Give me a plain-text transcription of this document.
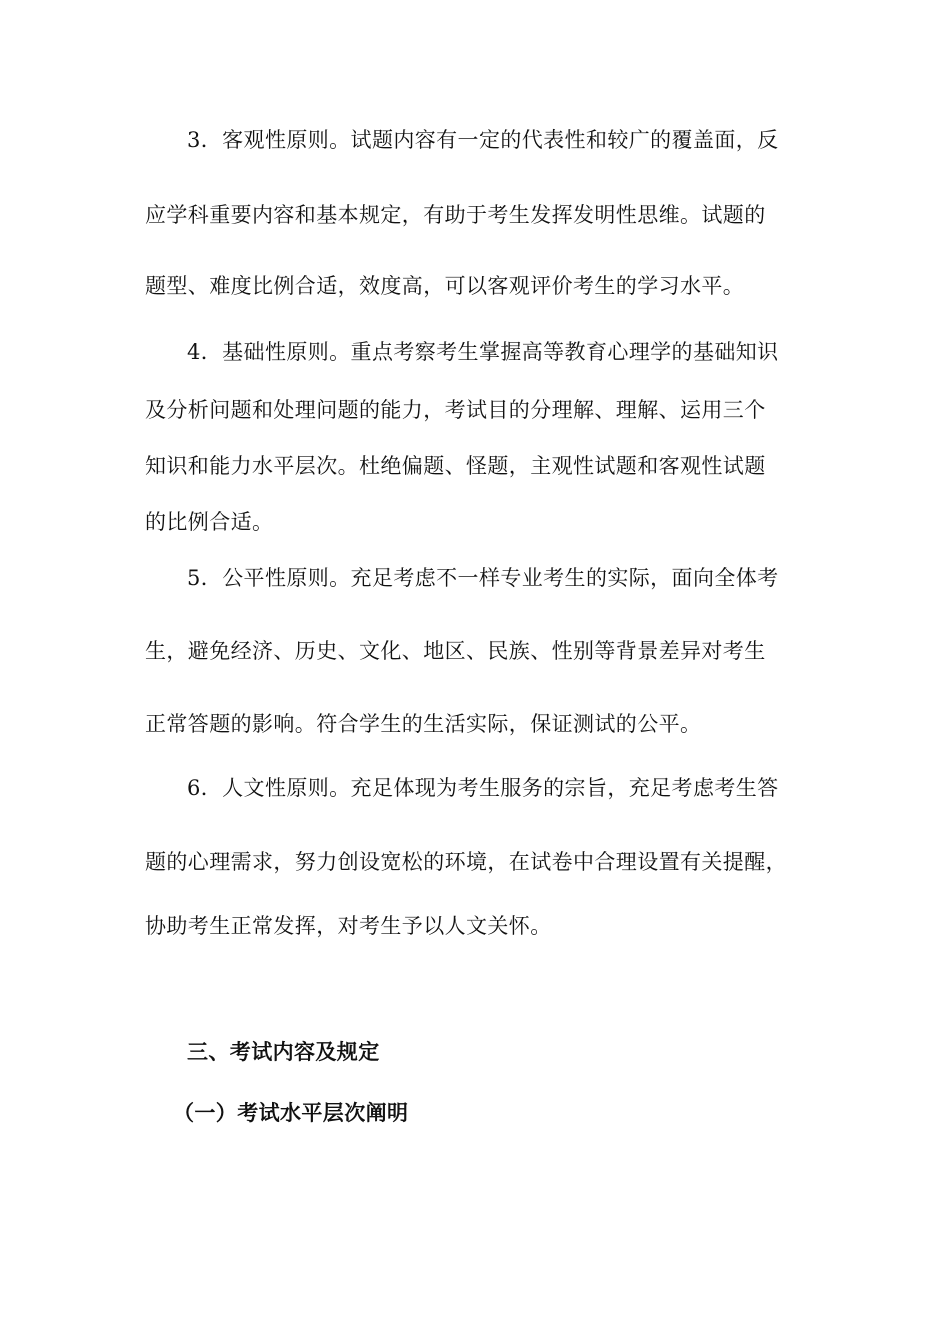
3．客观性原则。试题内容有一定的代表性和较广的覆盖面，反
应学科重要内容和基本规定，有助于考生发挥发明性思维。试题的
题型、难度比例合适，效度高，可以客观评价考生的学习水平。
4．基础性原则。重点考察考生掌握高等教育心理学的基础知识
及分析问题和处理问题的能力，考试目的分理解、理解、运用三个
知识和能力水平层次。杜绝偏题、怪题，主观性试题和客观性试题
的比例合适。
5．公平性原则。充足考虑不一样专业考生的实际，面向全体考
生，避免经济、历史、文化、地区、民族、性别等背景差异对考生
正常答题的影响。符合学生的生活实际，保证测试的公平。
6．人文性原则。充足体现为考生服务的宗旨，充足考虑考生答
题的心理需求，努力创设宽松的环境，在试卷中合理设置有关提醒，
协助考生正常发挥，对考生予以人文关怀。
三、考试内容及规定
（一）考试水平层次阐明
